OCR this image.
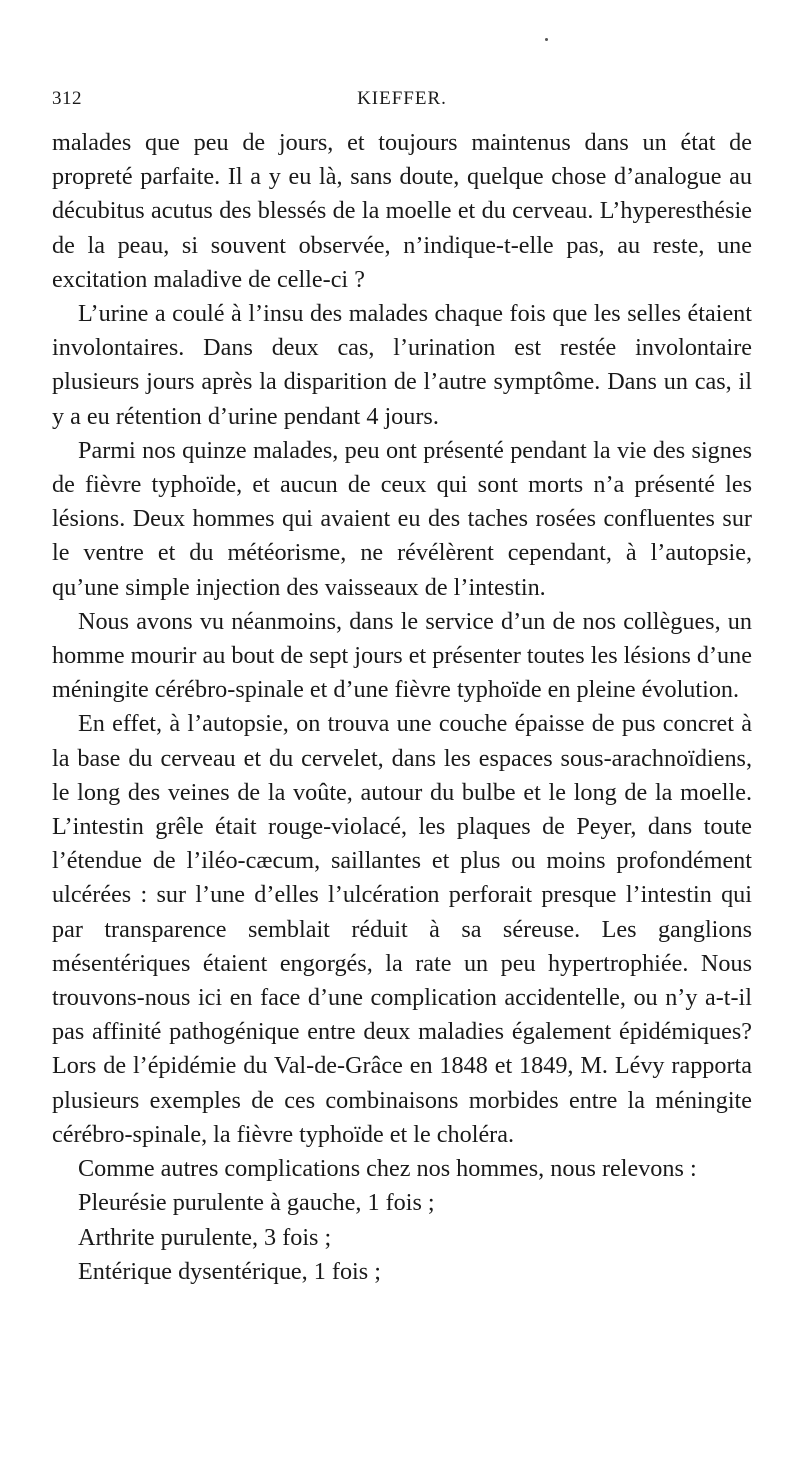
312	KIEFFER.

malades que peu de jours, et toujours maintenus dans un état de propreté parfaite. Il a y eu là, sans doute, quelque chose d’analogue au décubitus acutus des blessés de la moelle et du cerveau. L’hyperesthésie de la peau, si souvent observée, n’indique-t-elle pas, au reste, une excitation maladive de celle-ci ?

L’urine a coulé à l’insu des malades chaque fois que les selles étaient involontaires. Dans deux cas, l’urination est restée involontaire plusieurs jours après la disparition de l’autre symptôme. Dans un cas, il y a eu rétention d’urine pendant 4 jours.

Parmi nos quinze malades, peu ont présenté pendant la vie des signes de fièvre typhoïde, et aucun de ceux qui sont morts n’a présenté les lésions. Deux hommes qui avaient eu des taches rosées confluentes sur le ventre et du météorisme, ne révélèrent cependant, à l’autopsie, qu’une simple injection des vaisseaux de l’intestin.

Nous avons vu néanmoins, dans le service d’un de nos collègues, un homme mourir au bout de sept jours et présenter toutes les lésions d’une méningite cérébro-spinale et d’une fièvre typhoïde en pleine évolution.

En effet, à l’autopsie, on trouva une couche épaisse de pus concret à la base du cerveau et du cervelet, dans les espaces sous-arachnoïdiens, le long des veines de la voûte, autour du bulbe et le long de la moelle. L’intestin grêle était rouge-violacé, les plaques de Peyer, dans toute l’étendue de l’iléo-cæcum, saillantes et plus ou moins profondément ulcérées : sur l’une d’elles l’ulcération perforait presque l’intestin qui par transparence semblait réduit à sa séreuse. Les ganglions mésentériques étaient engorgés, la rate un peu hypertrophiée. Nous trouvons-nous ici en face d’une complication accidentelle, ou n’y a-t-il pas affinité pathogénique entre deux maladies également épidémiques? Lors de l’épidémie du Val-de-Grâce en 1848 et 1849, M. Lévy rapporta plusieurs exemples de ces combinaisons morbides entre la méningite cérébro-spinale, la fièvre typhoïde et le choléra.

Comme autres complications chez nos hommes, nous relevons :

Pleurésie purulente à gauche, 1 fois ;

Arthrite purulente, 3 fois ;

Entérique dysentérique, 1 fois ;
